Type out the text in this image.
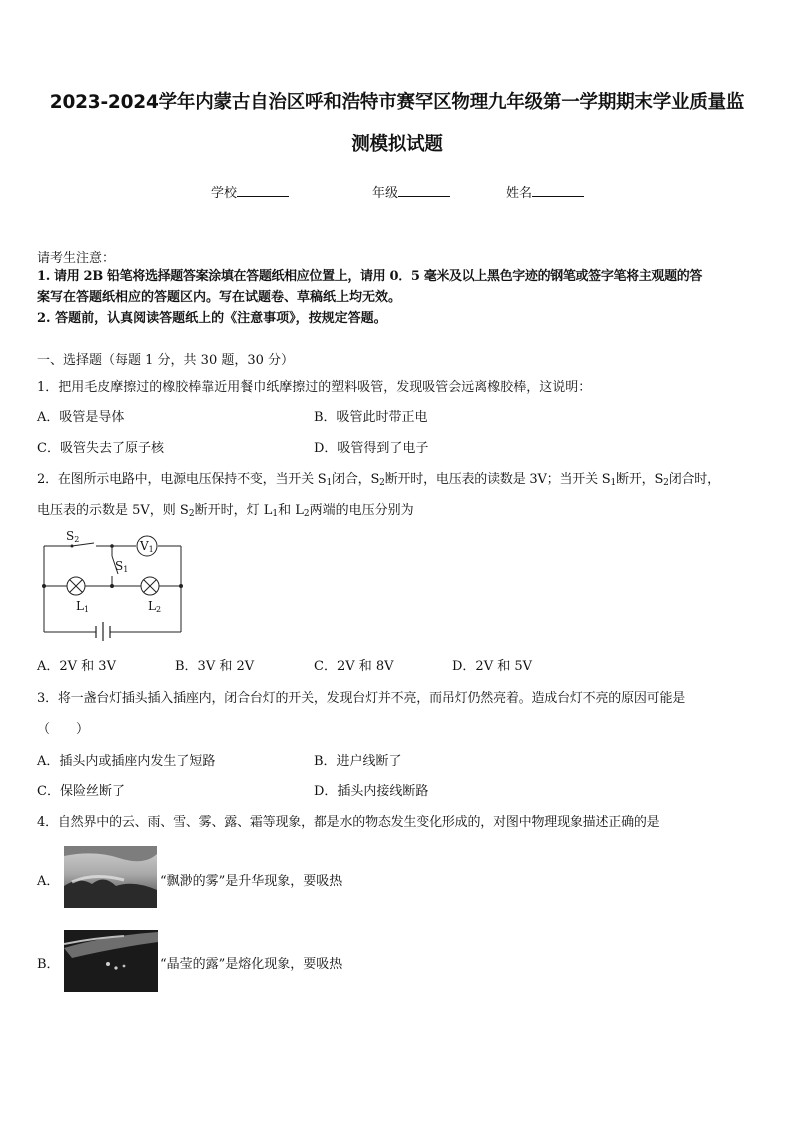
2023-2024学年内蒙古自治区呼和浩特市赛罕区物理九年级第一学期期末学业质量监
测模拟试题
学校	年级	姓名
请考生注意：
1. 请用 2B 铅笔将选择题答案涂填在答题纸相应位置上，请用 0．5 毫米及以上黑色字迹的钢笔或签字笔将主观题的答
案写在答题纸相应的答题区内。写在试题卷、草稿纸上均无效。
2. 答题前，认真阅读答题纸上的《注意事项》，按规定答题。
一、选择题（每题 1 分，共 30 题，30 分）
1．把用毛皮摩擦过的橡胶棒靠近用餐巾纸摩擦过的塑料吸管，发现吸管会远离橡胶棒，这说明：
A．吸管是导体	B．吸管此时带正电
C．吸管失去了原子核	D．吸管得到了电子
2．在图所示电路中，电源电压保持不变，当开关 $S_1$闭合，$S_2$断开时，电压表的读数是 3V；当开关 $S_1$断开，$S_2$闭合时，
电压表的示数是 5V，则 $S_2$断开时，灯 $L_1$和 $L_2$两端的电压分别为
V1
S2
S1
L1	L2
A．2V 和 3V	B．3V 和 2V	C．2V 和 8V	D．2V 和 5V
3．将一盏台灯插头插入插座内，闭合台灯的开关，发现台灯并不亮，而吊灯仍然亮着。造成台灯不亮的原因可能是
（　　）
A．插头内或插座内发生了短路	B．进户线断了
C．保险丝断了	D．插头内接线断路
4．自然界中的云、雨、雪、雾、露、霜等现象，都是水的物态发生变化形成的，对图中物理现象描述正确的是
A．	“飘渺的雾”是升华现象，要吸热
B．	“晶莹的露”是熔化现象，要吸热
